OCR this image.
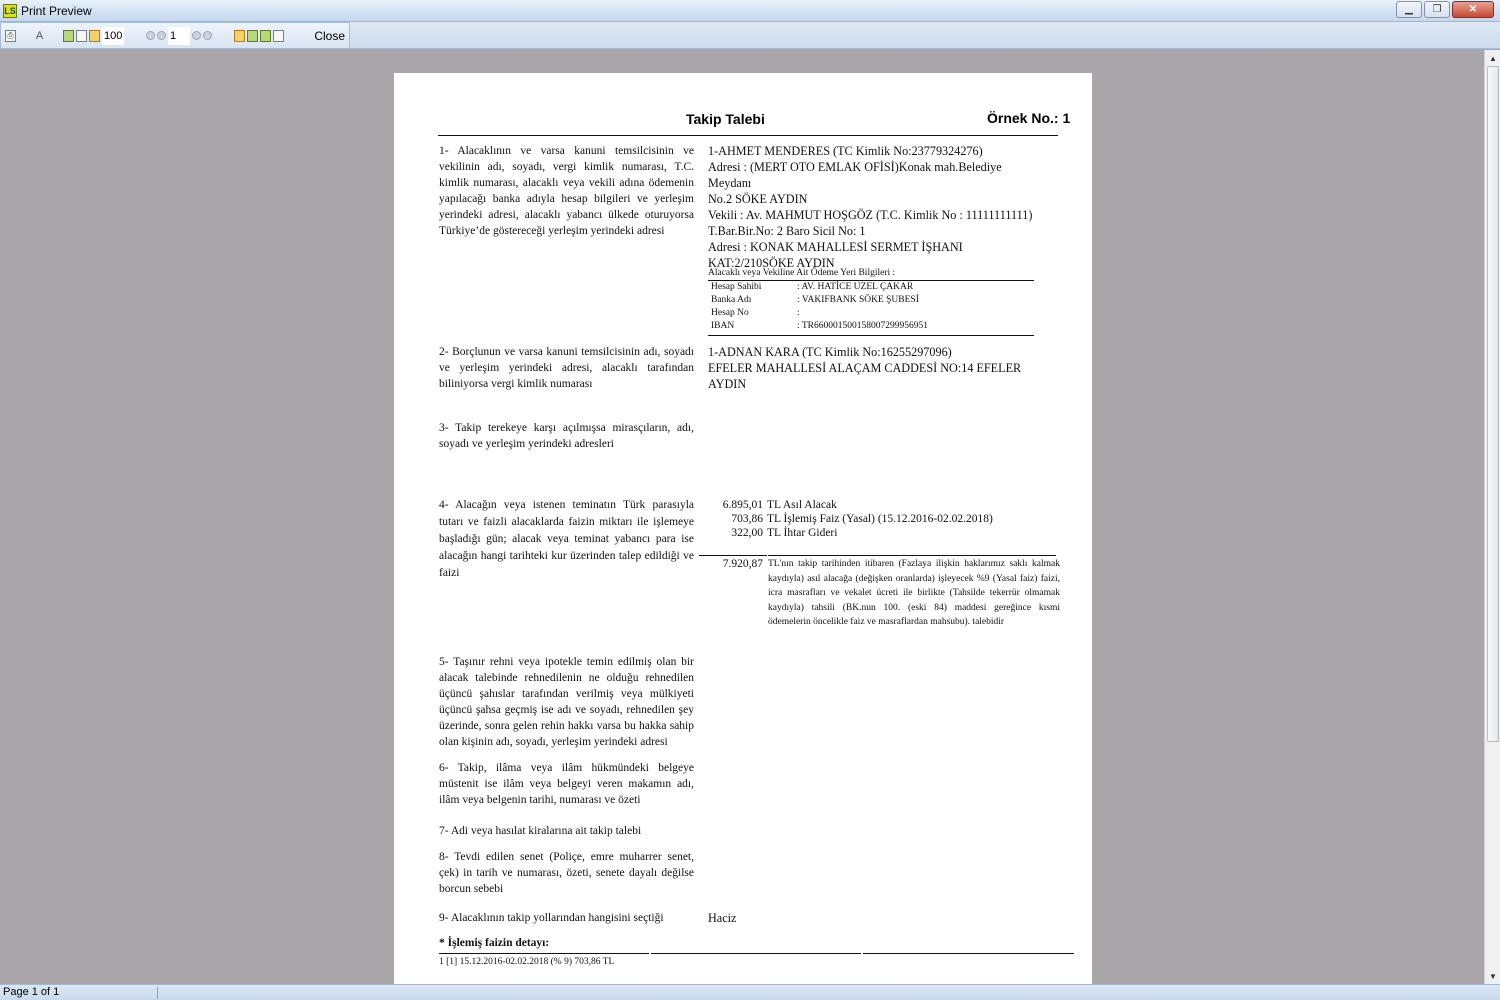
LS Print Preview	▁	❐	✕
⎙ A	100	1	Close
Takip Talebi	Örnek No.: 1
1- Alacaklının ve varsa kanuni temsilcisinin ve vekilinin adı, soyadı, vergi kimlik numarası, T.C. kimlik numarası, alacaklı veya vekili adına ödemenin yapılacağı banka adıyla hesap bilgileri ve yerleşim yerindeki adresi, alacaklı yabancı ülkede oturuyorsa Türkiye’de göstereceği yerleşim yerindeki adresi
1-AHMET MENDERES (TC Kimlik No:23779324276)
Adresi : (MERT OTO EMLAK OFİSİ)Konak mah.Belediye Meydanı
No.2 SÖKE AYDIN
Vekili : Av. MAHMUT HOŞGÖZ (T.C. Kimlik No : 11111111111)
T.Bar.Bir.No: 2 Baro Sicil No: 1
Adresi : KONAK MAHALLESİ SERMET İŞHANI
KAT:2/210SÖKE AYDIN
Alacaklı veya Vekiline Ait Ödeme Yeri Bilgileri :
Hesap Sahibi	: AV. HATİCE UZEL ÇAKAR
Banka Adı	: VAKIFBANK SÖKE ŞUBESİ
Hesap No	:
IBAN	: TR660001500158007299956951
2- Borçlunun ve varsa kanuni temsilcisinin adı, soyadı ve yerleşim yerindeki adresi, alacaklı tarafından biliniyorsa vergi kimlik numarası
1-ADNAN KARA (TC Kimlik No:16255297096)
EFELER MAHALLESİ ALAÇAM CADDESİ NO:14 EFELER
AYDIN
3- Takip terekeye karşı açılmışsa mirasçıların, adı, soyadı ve yerleşim yerindeki adresleri
4- Alacağın veya istenen teminatın Türk parasıyla tutarı ve faizli alacaklarda faizin miktarı ile işlemeye başladığı gün; alacak veya teminat yabancı para ise alacağın hangi tarihteki kur üzerinden talep edildiği ve faizi
6.895,01 TL Asıl Alacak
703,86 TL İşlemiş Faiz (Yasal) (15.12.2016-02.02.2018)
322,00 TL İhtar Gideri
7.920,87 TL'nın takip tarihinden itibaren (Fazlaya ilişkin haklarımız saklı kalmak kaydıyla) asıl alacağa (değişken oranlarda) işleyecek %9 (Yasal faiz) faizi, icra masrafları ve vekalet ücreti ile birlikte (Tahsilde tekerrür olmamak kaydıyla) tahsili (BK.nun 100. (eski 84) maddesi gereğince kısmi ödemelerin öncelikle faiz ve masraflardan mahsubu). talebidir
5- Taşınır rehni veya ipotekle temin edilmiş olan bir alacak talebinde rehnedilenin ne olduğu rehnedilen üçüncü şahıslar tarafından verilmiş veya mülkiyeti üçüncü şahsa geçmiş ise adı ve soyadı, rehnedilen şey üzerinde, sonra gelen rehin hakkı varsa bu hakka sahip olan kişinin adı, soyadı, yerleşim yerindeki adresi
6- Takip, ilâma veya ilâm hükmündeki belgeye müstenit ise ilâm veya belgeyi veren makamın adı, ilâm veya belgenin tarihi, numarası ve özeti
7- Adi veya hasılat kiralarına ait takip talebi
8- Tevdi edilen senet (Poliçe, emre muharrer senet, çek) in tarih ve numarası, özeti, senete dayalı değilse borcun sebebi
9- Alacaklının takip yollarından hangisini seçtiği	Haciz
* İşlemiş faizin detayı:
1 [1] 15.12.2016-02.02.2018 (% 9) 703,86 TL
▲
▼
Page 1 of 1
